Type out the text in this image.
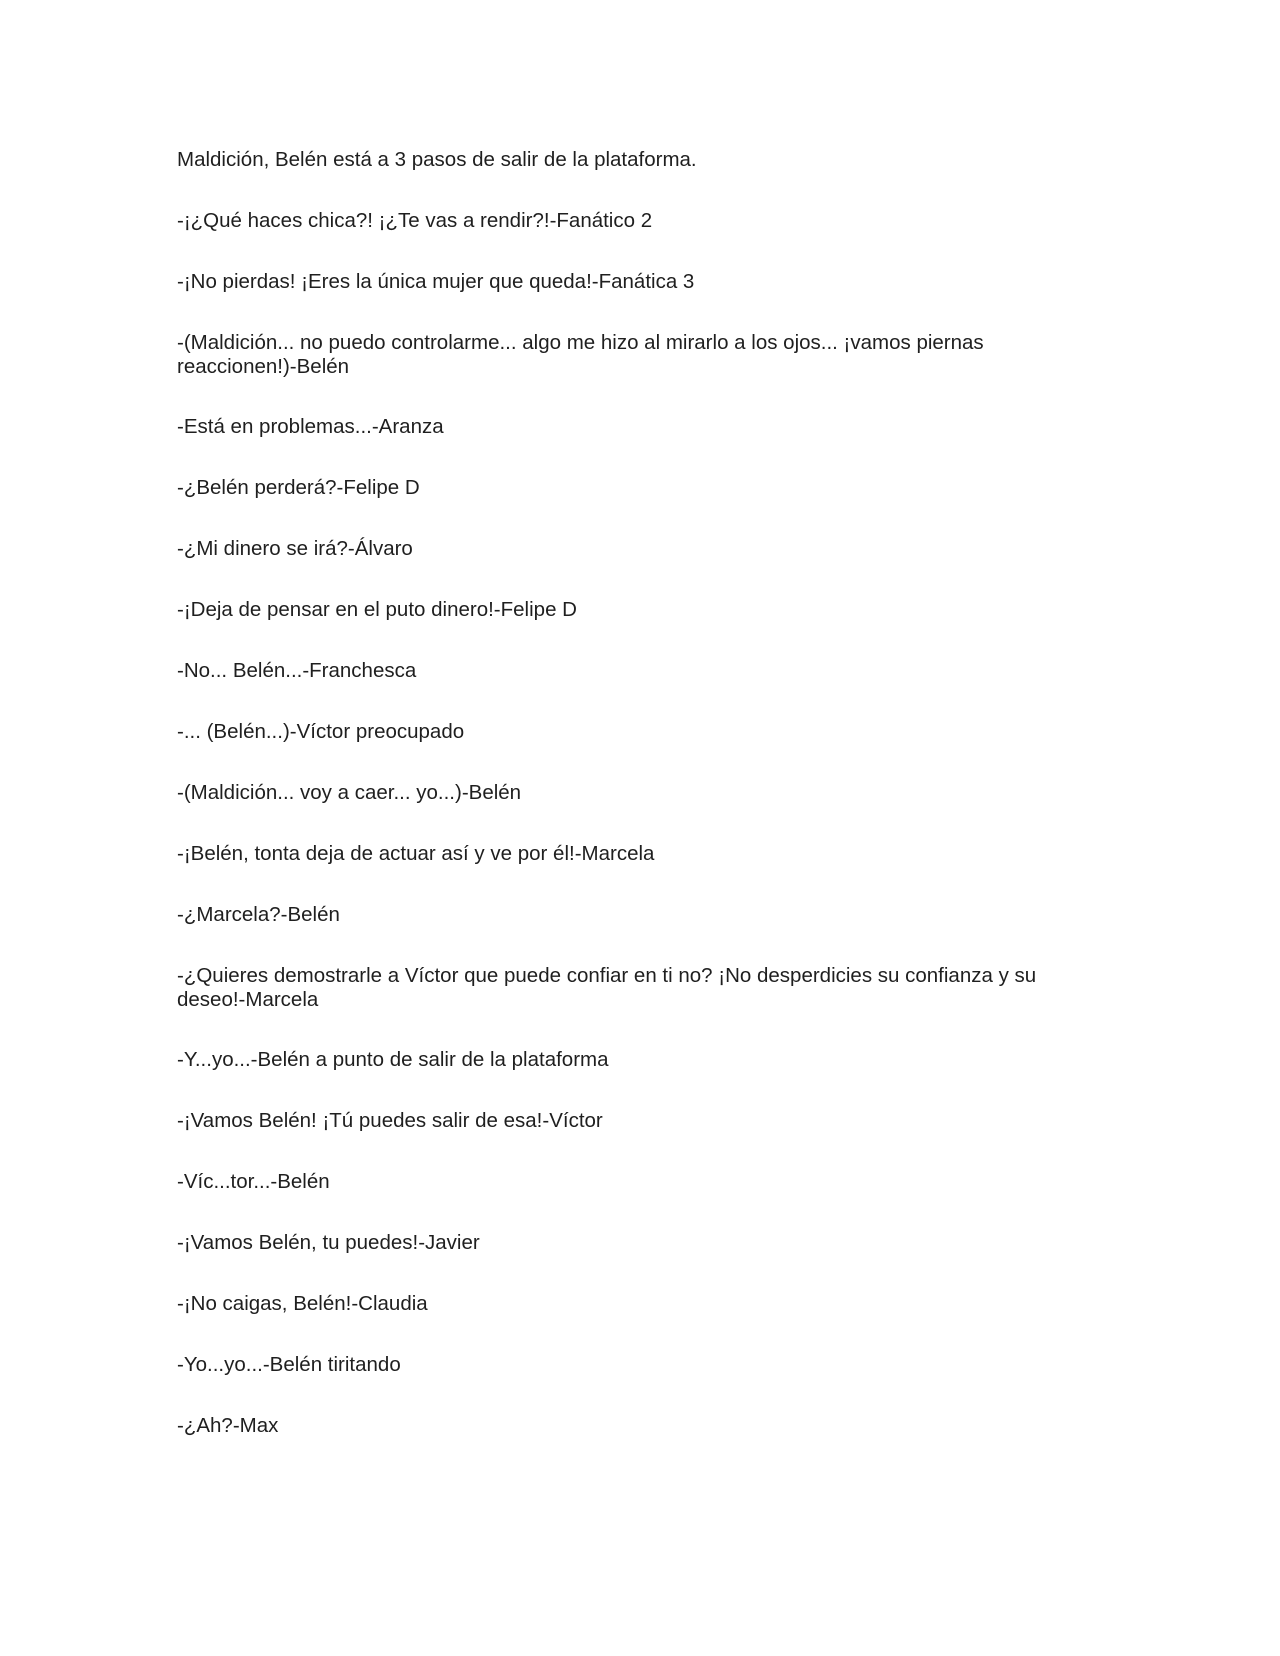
Maldición, Belén está a 3 pasos de salir de la plataforma.

-¡¿Qué haces chica?! ¡¿Te vas a rendir?!-Fanático 2

-¡No pierdas! ¡Eres la única mujer que queda!-Fanática 3

-(Maldición... no puedo controlarme... algo me hizo al mirarlo a los ojos... ¡vamos piernas reaccionen!)-Belén

-Está en problemas...-Aranza

-¿Belén perderá?-Felipe D

-¿Mi dinero se irá?-Álvaro

-¡Deja de pensar en el puto dinero!-Felipe D

-No... Belén...-Franchesca

-... (Belén...)-Víctor preocupado

-(Maldición... voy a caer... yo...)-Belén

-¡Belén, tonta deja de actuar así y ve por él!-Marcela

-¿Marcela?-Belén

-¿Quieres demostrarle a Víctor que puede confiar en ti no? ¡No desperdicies su confianza y su deseo!-Marcela

-Y...yo...-Belén a punto de salir de la plataforma

-¡Vamos Belén! ¡Tú puedes salir de esa!-Víctor

-Víc...tor...-Belén

-¡Vamos Belén, tu puedes!-Javier

-¡No caigas, Belén!-Claudia

-Yo...yo...-Belén tiritando

-¿Ah?-Max
